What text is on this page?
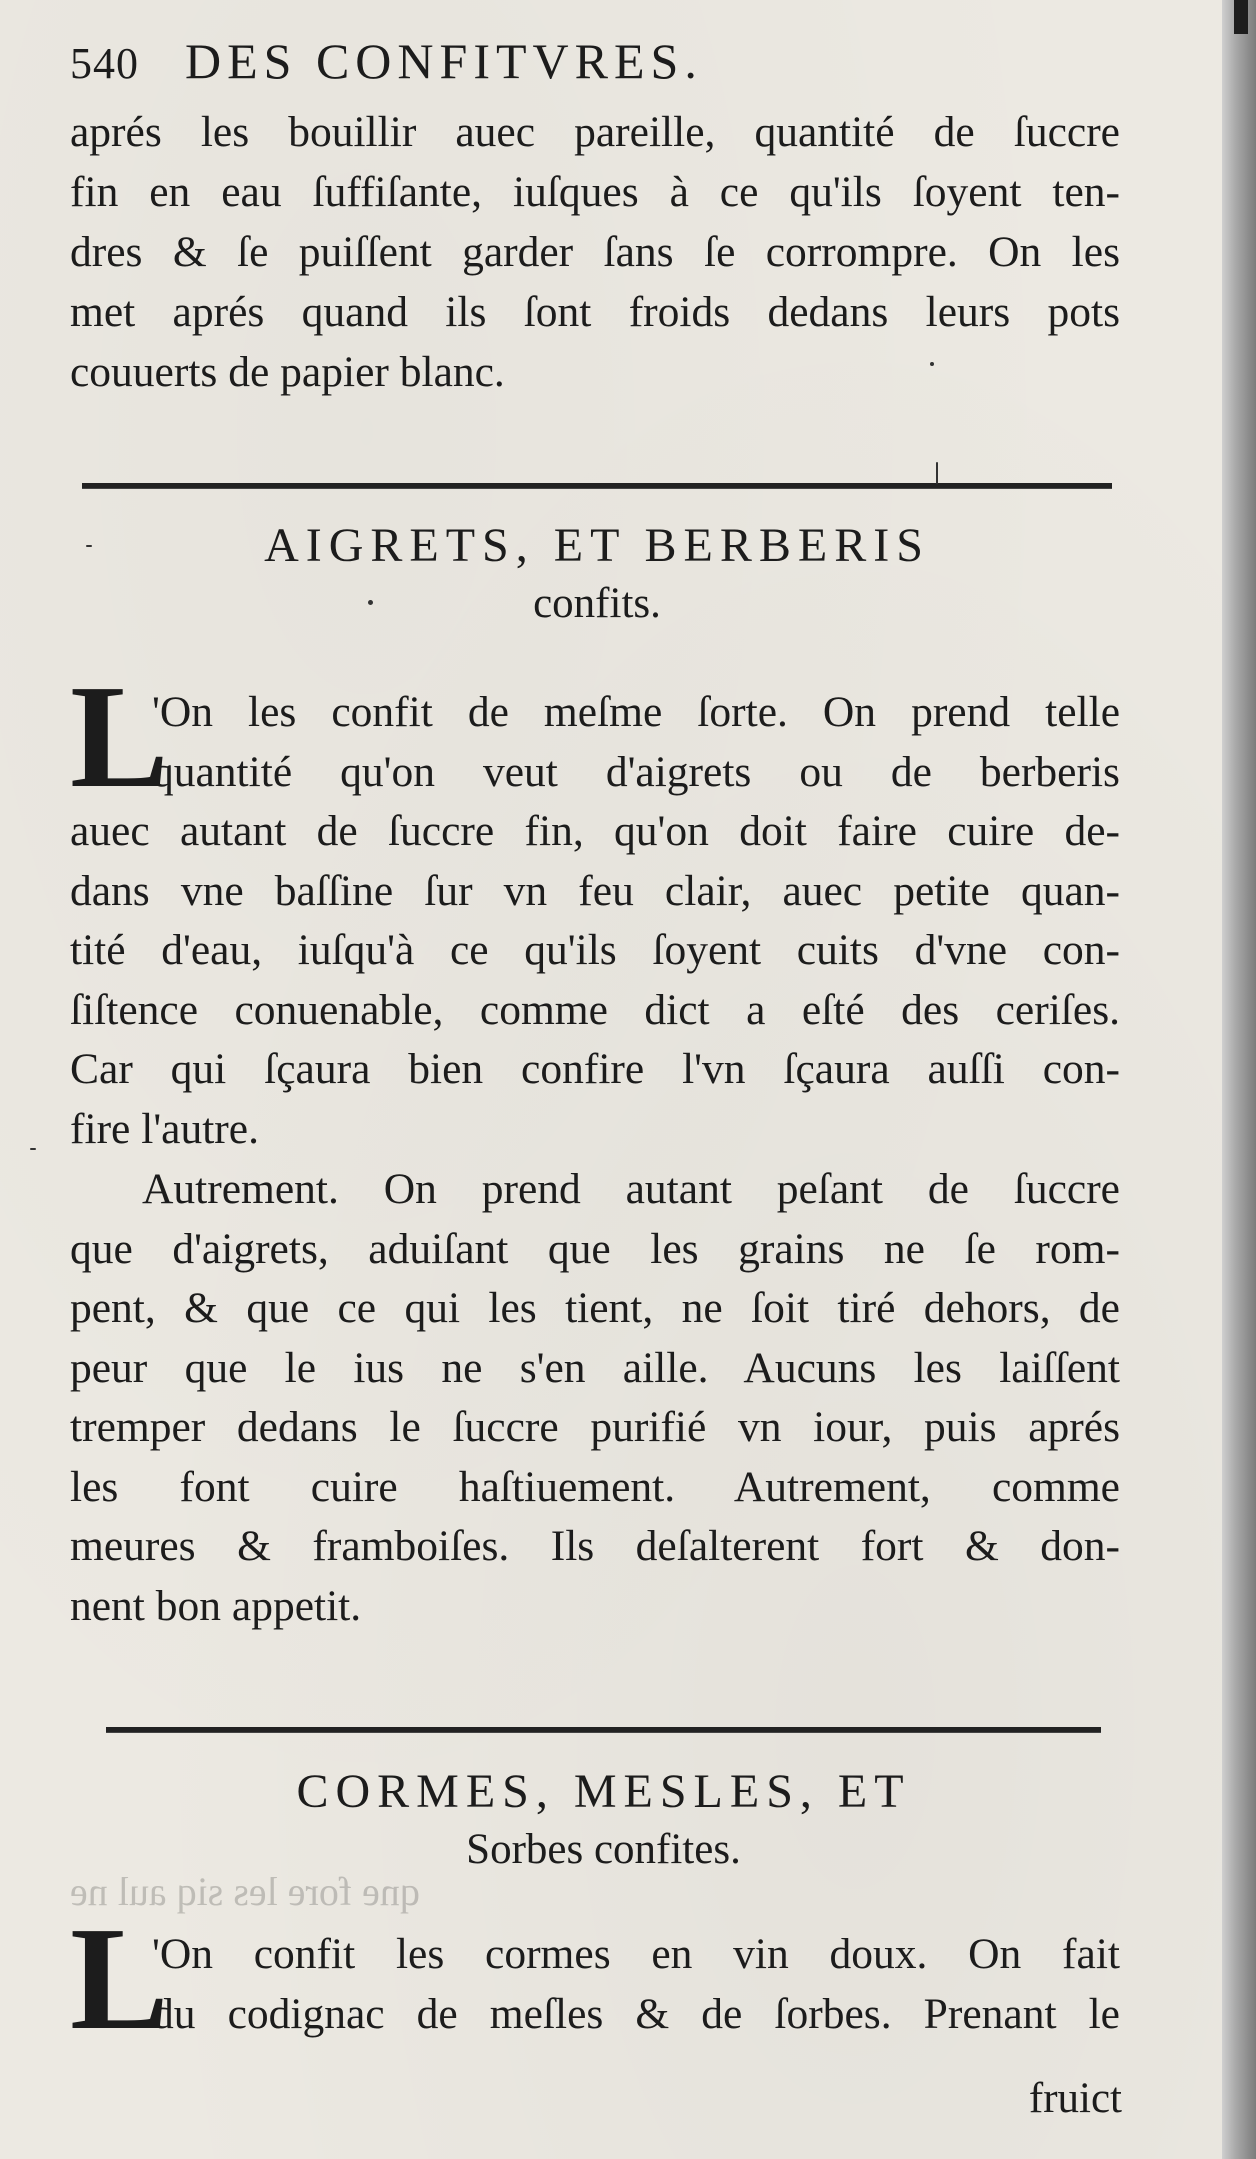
540 DES CONFITVRES.
aprés les bouillir auec pareille, quantité de ſuccre
fin en eau ſuffiſante, iuſques à ce qu'ils ſoyent ten-
dres & ſe puiſſent garder ſans ſe corrompre. On les
met aprés quand ils ſont froids dedans leurs pots
couuerts de papier blanc.
AIGRETS, ET BERBERIS
confits.
L
'On les confit de meſme ſorte. On prend telle
quantité qu'on veut d'aigrets ou de berberis
auec autant de ſuccre fin, qu'on doit faire cuire de-
dans vne baſſine ſur vn feu clair, auec petite quan-
tité d'eau, iuſqu'à ce qu'ils ſoyent cuits d'vne con-
ſiſtence conuenable, comme dict a eſté des ceriſes.
Car qui ſçaura bien confire l'vn ſçaura auſſi con-
fire l'autre.
Autrement. On prend autant peſant de ſuccre
que d'aigrets, aduiſant que les grains ne ſe rom-
pent, & que ce qui les tient, ne ſoit tiré dehors, de
peur que le ius ne s'en aille. Aucuns les laiſſent
tremper dedans le ſuccre purifié vn iour, puis aprés
les font cuire haſtiuement. Autrement, comme
meures & framboiſes. Ils deſalterent fort & don-
nent bon appetit.
CORMES, MESLES, ET
Sorbes confites.
qne fore les siq aul ne
L
'On confit les cormes en vin doux. On fait
du codignac de meſles & de ſorbes. Prenant le
fruict
